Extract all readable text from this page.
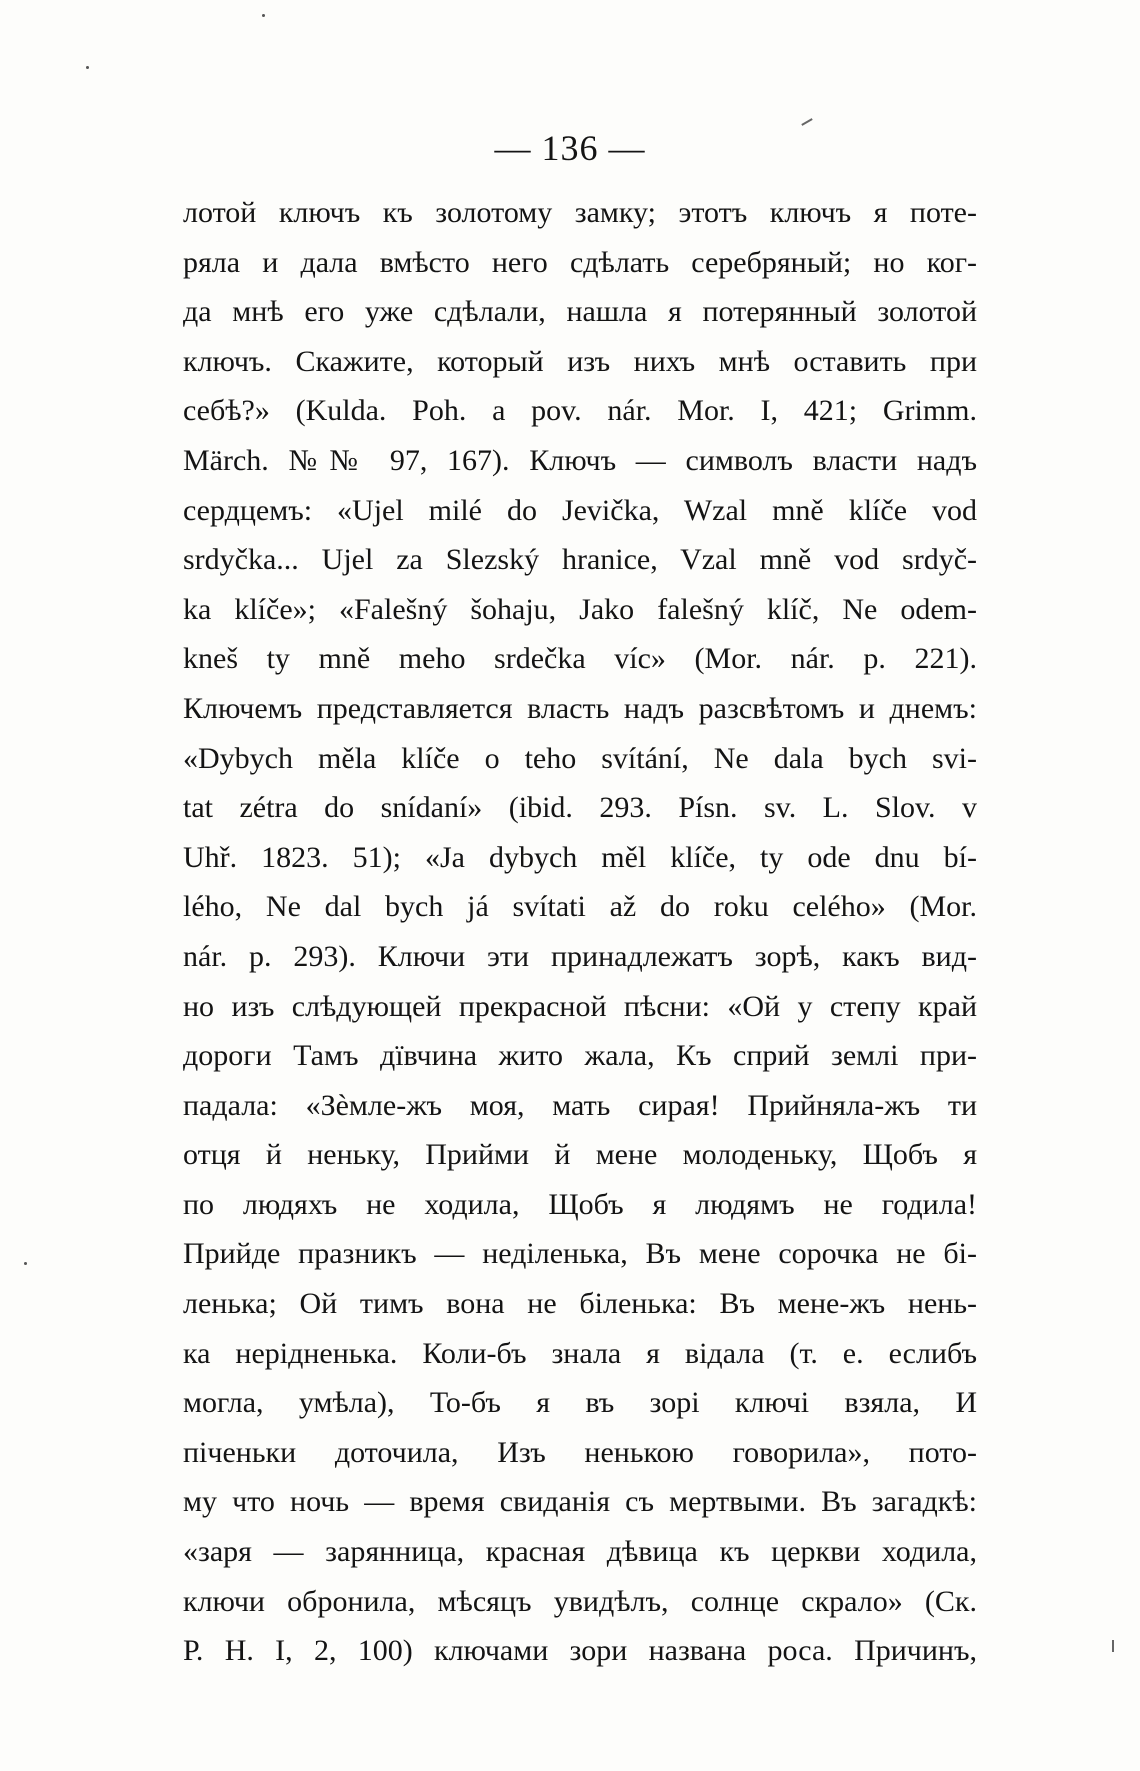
— 136 —
лотой ключъ къ золотому замку; этотъ ключъ я поте-
ряла и дала вмѣсто него сдѣлать серебряный; но ког-
да мнѣ его уже сдѣлали, нашла я потерянный золотой
ключъ. Скажите, который изъ нихъ мнѣ оставить при
себѣ?» (Kulda. Poh. a pov. nár. Mor. I, 421; Grimm.
Märch. №№ 97, 167). Ключъ — символъ власти надъ
сердцемъ: «Ujel milé do Jevička, Wzal mně klíče vod
srdyčka... Ujel za Slezský hranice, Vzal mně vod srdyč-
ka klíče»; «Falešný šohaju, Jako falešný klíč, Ne odem-
kneš ty mně meho srdečka víc» (Mor. nár. p. 221).
Ключемъ представляется власть надъ разсвѣтомъ и днемъ:
«Dybych měla klíče o teho svítání, Ne dala bych svi-
tat zétra do snídaní» (ibid. 293. Písn. sv. L. Slov. v
Uhř. 1823. 51); «Ja dybych měl klíče, ty ode dnu bí-
lého, Ne dal bych já svítati až do roku celého» (Mor.
nár. p. 293). Ключи эти принадлежатъ зорѣ, какъ вид-
но изъ слѣдующей прекрасной пѣсни: «Ой у степу край
дороги Тамъ дївчина жито жала, Къ сприй землі при-
падала: «Зѐмле-жъ моя, мать сирая! Прийняла-жъ ти
отця й неньку, Прийми й мене молоденьку, Щобъ я
по людяхъ не ходила, Щобъ я людямъ не годила!
Прийде празникъ — неділенька, Въ мене сорочка не бі-
ленька; Ой тимъ вона не біленька: Въ мене-жъ нень-
ка нерідненька. Коли-бъ знала я відала (т. е. еслибъ
могла, умѣла), То-бъ я въ зорі ключі взяла, И
піченьки доточила, Изъ ненькою говорила», пото-
му что ночь — время свиданія съ мертвыми. Въ загадкѣ:
«заря — зарянница, красная дѣвица къ церкви ходила,
ключи обронила, мѣсяцъ увидѣлъ, солнце скрало» (Ск.
Р. Н. I, 2, 100) ключами зори названа роса. Причинъ,
